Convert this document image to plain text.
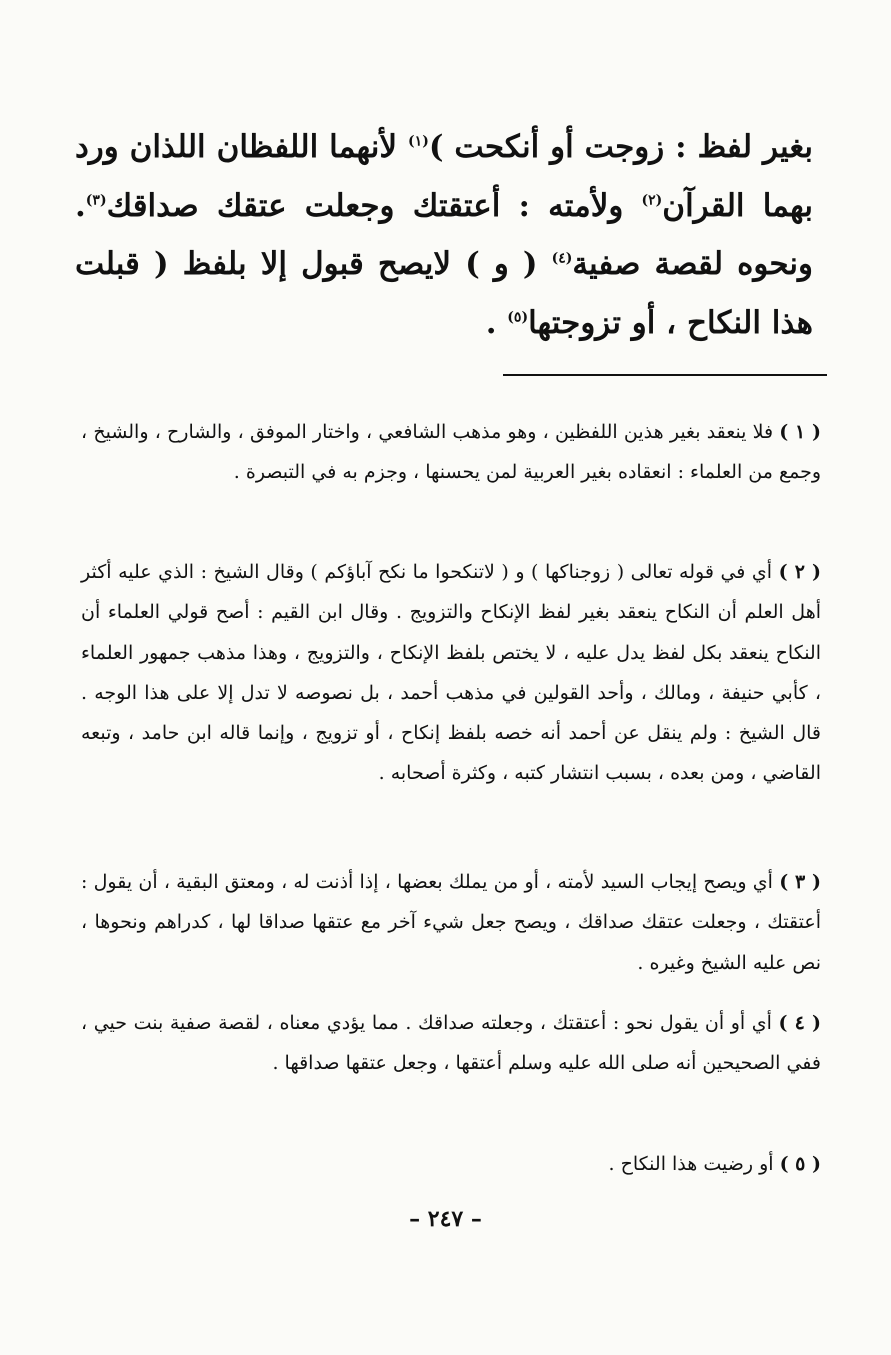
بغير لفظ : زوجت أو أنكحت )$^{(١)}$ لأنهما اللفظان اللذان ورد بهما القرآن$^{(٢)}$ ولأمته : أعتقتك وجعلت عتقك صداقك$^{(٣)}$. ونحوه لقصة صفية$^{(٤)}$ ( و ) لايصح قبول إلا بلفظ ( قبلت هذا النكاح ، أو تزوجتها$^{(٥)}$ .

( ١ ) فلا ينعقد بغير هذين اللفظين ، وهو مذهب الشافعي ، واختار الموفق ، والشارح ، والشيخ ، وجمع من العلماء : انعقاده بغير العربية لمن يحسنها ، وجزم به في التبصرة .

( ٢ ) أي في قوله تعالى ( زوجناكها ) و ( لاتنكحوا ما نكح آباؤكم ) وقال الشيخ : الذي عليه أكثر أهل العلم أن النكاح ينعقد بغير لفظ الإنكاح والتزويج . وقال ابن القيم : أصح قولي العلماء أن النكاح ينعقد بكل لفظ يدل عليه ، لا يختص بلفظ الإنكاح ، والتزويج ، وهذا مذهب جمهور العلماء ، كأبي حنيفة ، ومالك ، وأحد القولين في مذهب أحمد ، بل نصوصه لا تدل إلا على هذا الوجه . قال الشيخ : ولم ينقل عن أحمد أنه خصه بلفظ إنكاح ، أو تزويج ، وإنما قاله ابن حامد ، وتبعه القاضي ، ومن بعده ، بسبب انتشار كتبه ، وكثرة أصحابه .

( ٣ ) أي ويصح إيجاب السيد لأمته ، أو من يملك بعضها ، إذا أذنت له ، ومعتق البقية ، أن يقول : أعتقتك ، وجعلت عتقك صداقك ، ويصح جعل شيء آخر مع عتقها صداقا لها ، كدراهم ونحوها ، نص عليه الشيخ وغيره .

( ٤ ) أي أو أن يقول نحو : أعتقتك ، وجعلته صداقك . مما يؤدي معناه ، لقصة صفية بنت حيي ، ففي الصحيحين أنه صلى الله عليه وسلم أعتقها ، وجعل عتقها صداقها .

( ٥ ) أو رضيت هذا النكاح .

– ٢٤٧ –
